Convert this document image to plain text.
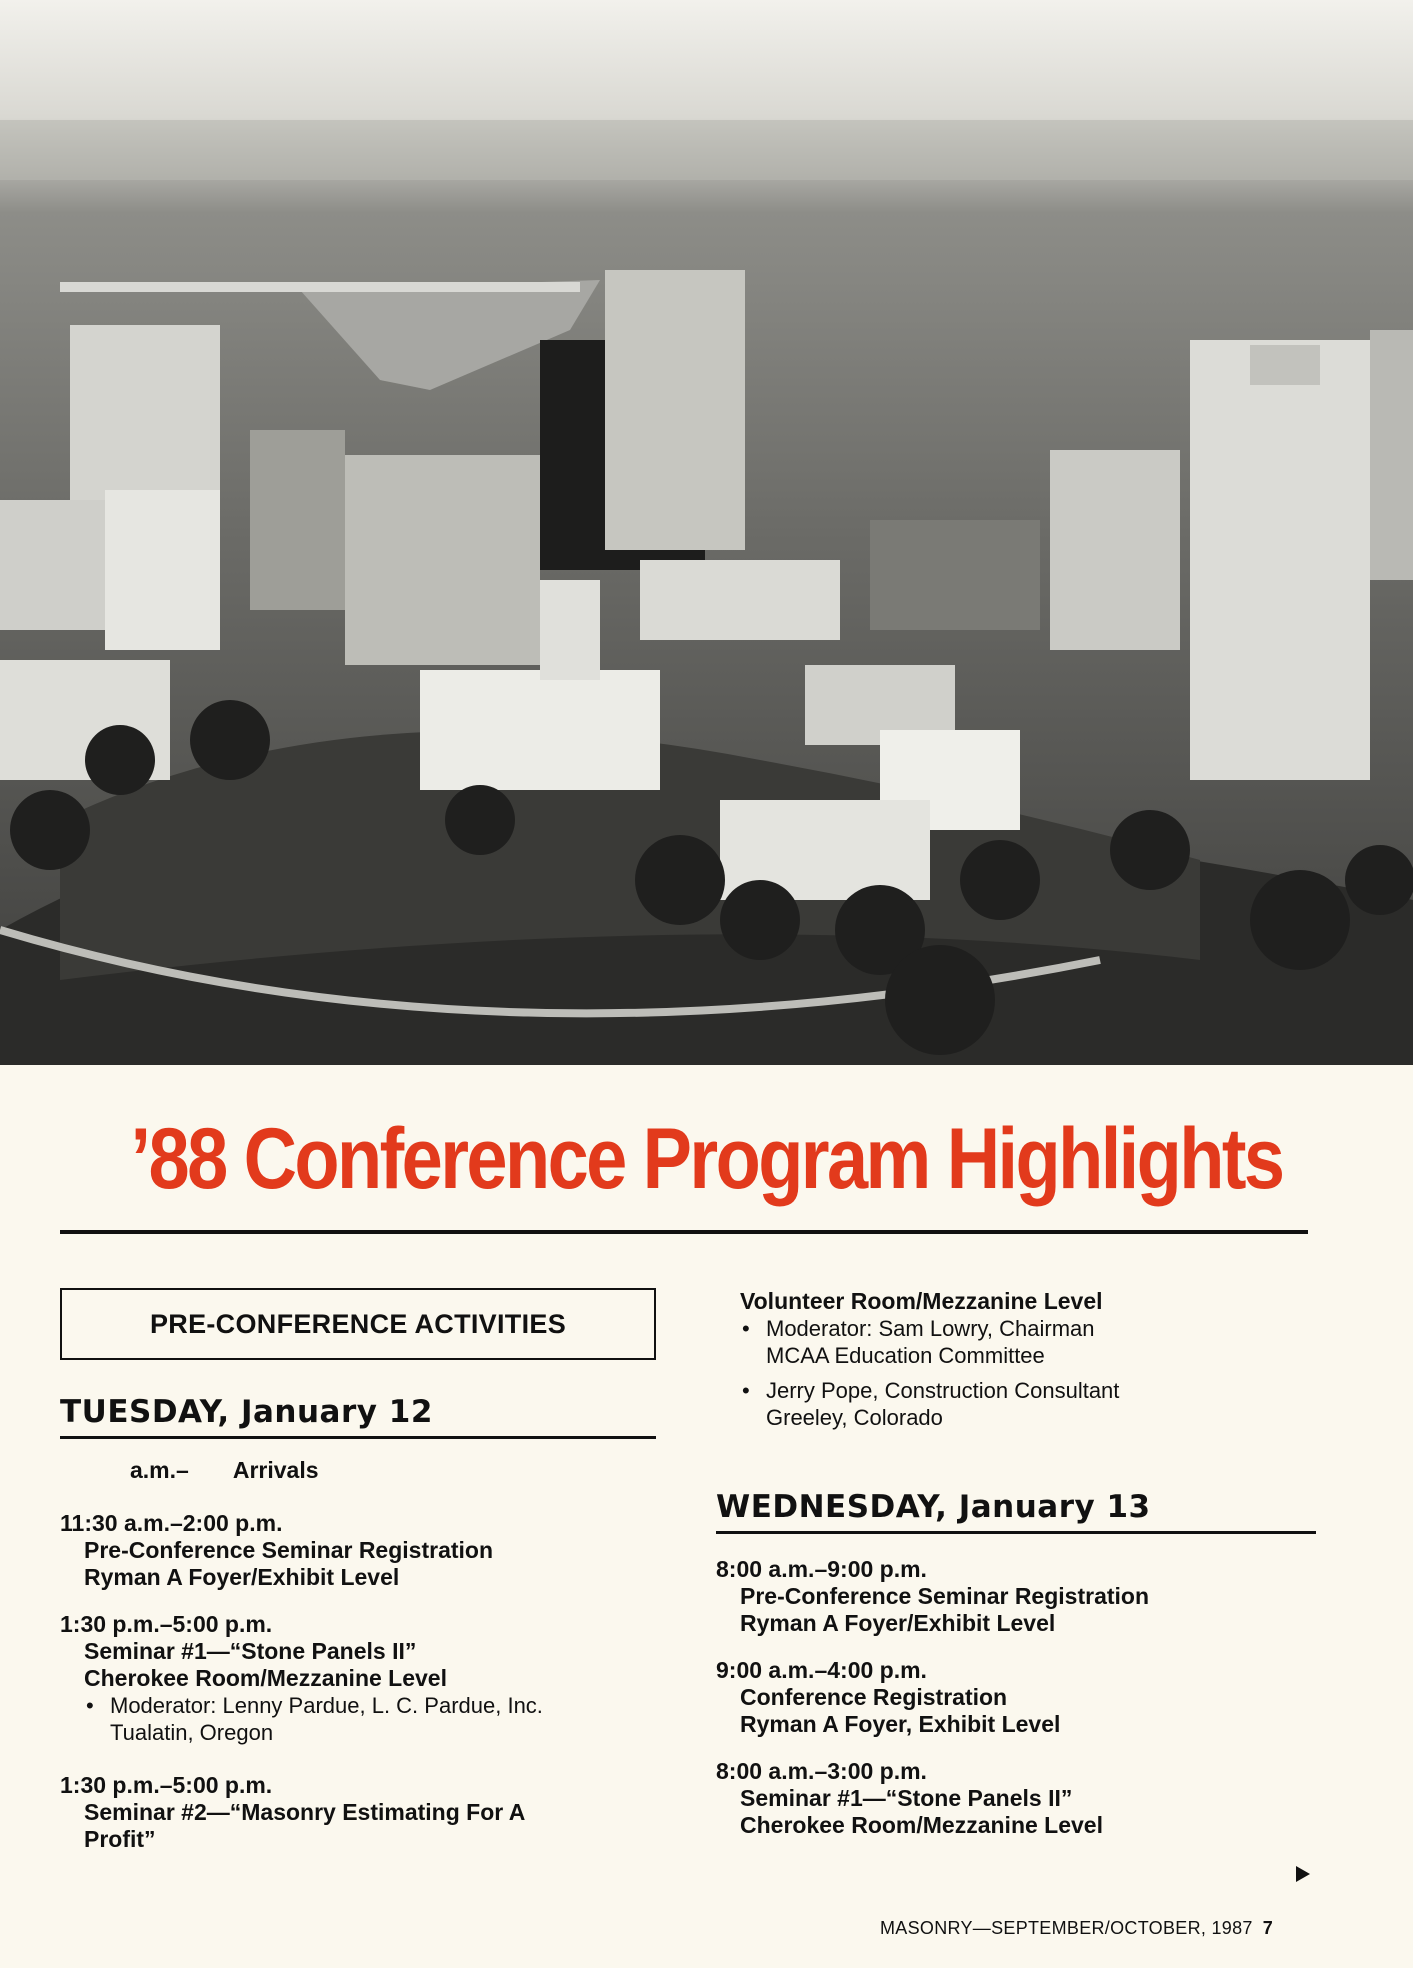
’88 Conference Program Highlights
PRE-CONFERENCE ACTIVITIES
TUESDAY, January 12
a.m.– Arrivals
11:30 a.m.–2:00 p.m.
Pre-Conference Seminar Registration
Ryman A Foyer/Exhibit Level
1:30 p.m.–5:00 p.m.
Seminar #1—“Stone Panels II”
Cherokee Room/Mezzanine Level
• Moderator: Lenny Pardue, L. C. Pardue, Inc.
Tualatin, Oregon
1:30 p.m.–5:00 p.m.
Seminar #2—“Masonry Estimating For A
Profit”
Volunteer Room/Mezzanine Level
• Moderator: Sam Lowry, Chairman
MCAA Education Committee
• Jerry Pope, Construction Consultant
Greeley, Colorado
WEDNESDAY, January 13
8:00 a.m.–9:00 p.m.
Pre-Conference Seminar Registration
Ryman A Foyer/Exhibit Level
9:00 a.m.–4:00 p.m.
Conference Registration
Ryman A Foyer, Exhibit Level
8:00 a.m.–3:00 p.m.
Seminar #1—“Stone Panels II”
Cherokee Room/Mezzanine Level
MASONRY—SEPTEMBER/OCTOBER, 1987 7
